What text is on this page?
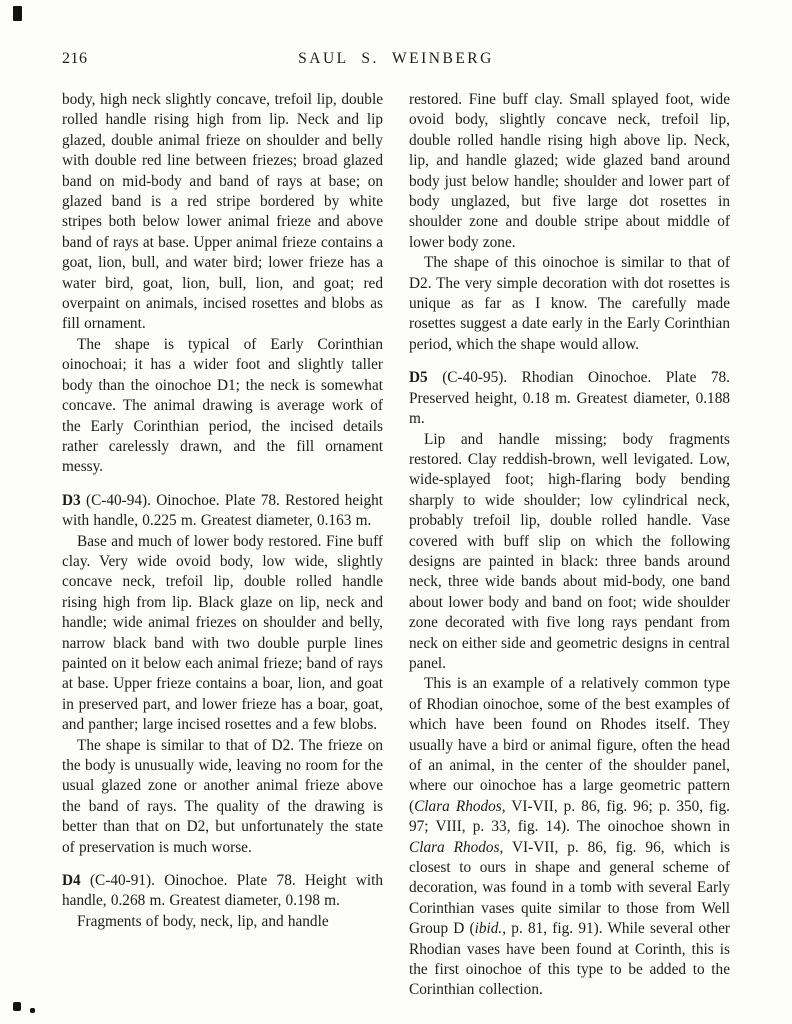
216	SAUL S. WEINBERG

body, high neck slightly concave, trefoil lip, double rolled handle rising high from lip. Neck and lip glazed, double animal frieze on shoulder and belly with double red line between friezes; broad glazed band on mid-body and band of rays at base; on glazed band is a red stripe bordered by white stripes both below lower animal frieze and above band of rays at base. Upper animal frieze contains a goat, lion, bull, and water bird; lower frieze has a water bird, goat, lion, bull, lion, and goat; red overpaint on animals, incised rosettes and blobs as fill ornament.

The shape is typical of Early Corinthian oinochoai; it has a wider foot and slightly taller body than the oinochoe D1; the neck is somewhat concave. The animal drawing is average work of the Early Corinthian period, the incised details rather carelessly drawn, and the fill ornament messy.

D3 (C-40-94). Oinochoe. Plate 78. Restored height with handle, 0.225 m. Greatest diameter, 0.163 m.

Base and much of lower body restored. Fine buff clay. Very wide ovoid body, low wide, slightly concave neck, trefoil lip, double rolled handle rising high from lip. Black glaze on lip, neck and handle; wide animal friezes on shoulder and belly, narrow black band with two double purple lines painted on it below each animal frieze; band of rays at base. Upper frieze contains a boar, lion, and goat in preserved part, and lower frieze has a boar, goat, and panther; large incised rosettes and a few blobs.

The shape is similar to that of D2. The frieze on the body is unusually wide, leaving no room for the usual glazed zone or another animal frieze above the band of rays. The quality of the drawing is better than that on D2, but unfortunately the state of preservation is much worse.

D4 (C-40-91). Oinochoe. Plate 78. Height with handle, 0.268 m. Greatest diameter, 0.198 m.

Fragments of body, neck, lip, and handle

restored. Fine buff clay. Small splayed foot, wide ovoid body, slightly concave neck, trefoil lip, double rolled handle rising high above lip. Neck, lip, and handle glazed; wide glazed band around body just below handle; shoulder and lower part of body unglazed, but five large dot rosettes in shoulder zone and double stripe about middle of lower body zone.

The shape of this oinochoe is similar to that of D2. The very simple decoration with dot rosettes is unique as far as I know. The carefully made rosettes suggest a date early in the Early Corinthian period, which the shape would allow.

D5 (C-40-95). Rhodian Oinochoe. Plate 78. Preserved height, 0.18 m. Greatest diameter, 0.188 m.

Lip and handle missing; body fragments restored. Clay reddish-brown, well levigated. Low, wide-splayed foot; high-flaring body bending sharply to wide shoulder; low cylindrical neck, probably trefoil lip, double rolled handle. Vase covered with buff slip on which the following designs are painted in black: three bands around neck, three wide bands about mid-body, one band about lower body and band on foot; wide shoulder zone decorated with five long rays pendant from neck on either side and geometric designs in central panel.

This is an example of a relatively common type of Rhodian oinochoe, some of the best examples of which have been found on Rhodes itself. They usually have a bird or animal figure, often the head of an animal, in the center of the shoulder panel, where our oinochoe has a large geometric pattern (Clara Rhodos, VI-VII, p. 86, fig. 96; p. 350, fig. 97; VIII, p. 33, fig. 14). The oinochoe shown in Clara Rhodos, VI-VII, p. 86, fig. 96, which is closest to ours in shape and general scheme of decoration, was found in a tomb with several Early Corinthian vases quite similar to those from Well Group D (ibid., p. 81, fig. 91). While several other Rhodian vases have been found at Corinth, this is the first oinochoe of this type to be added to the Corinthian collection.
